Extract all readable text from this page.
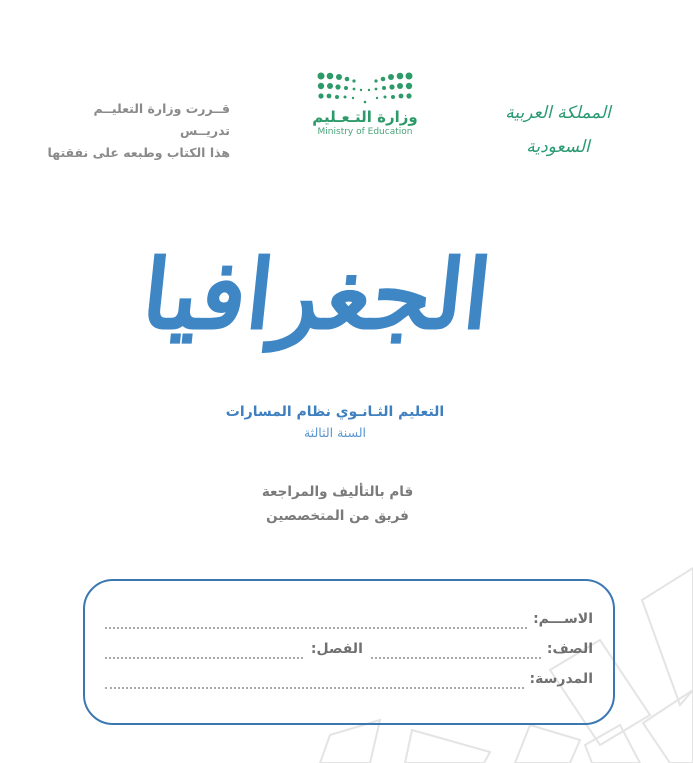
قــررت وزارة التعليــم تدريــس
هذا الكتاب وطبعه على نفقتها
وزارة التـعـليم
Ministry of Education
المملكة العربية السعودية
الجغرافيا
التعليم الثـانـوي نظام المسارات
السنة الثالثة
قام بالتأليف والمراجعة
فريق من المتخصصين
الاســـم:
الصف:
الفصل:
المدرسة:
